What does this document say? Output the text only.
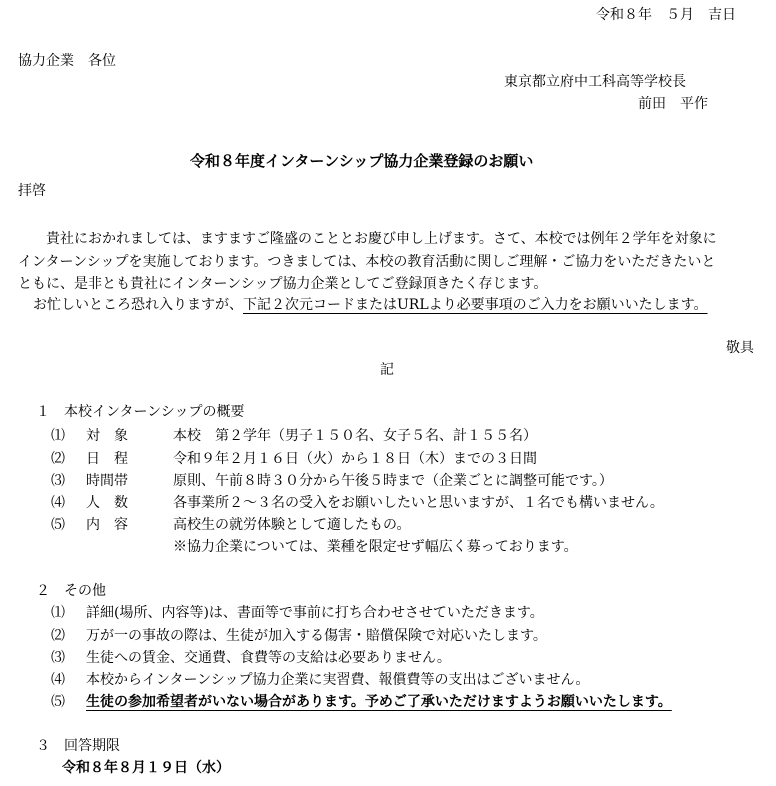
令和８年　５月　吉日
協力企業　各位
東京都立府中工科高等学校長
前田　平作
令和８年度インターンシップ協力企業登録のお願い
拝啓
貴社におかれましては、ますますご隆盛のこととお慶び申し上げます。さて、本校では例年２学年を対象に
インターンシップを実施しております。つきましては、本校の教育活動に関しご理解・ご協力をいただきたいと
ともに、是非とも貴社にインターンシップ協力企業としてご登録頂きたく存じます。
お忙しいところ恐れ入りますが、下記２次元コードまたはURLより必要事項のご入力をお願いいたします。
敬具
記
１　本校インターンシップの概要
⑴ 対　象	本校　第２学年（男子１５０名、女子５名、計１５５名）
⑵ 日　程	令和９年２月１６日（火）から１８日（木）までの３日間
⑶ 時間帯	原則、午前８時３０分から午後５時まで（企業ごとに調整可能です。）
⑷ 人　数	各事業所２～３名の受入をお願いしたいと思いますが、１名でも構いません。
⑸ 内　容	高校生の就労体験として適したもの。
※協力企業については、業種を限定せず幅広く募っております。
２　その他
⑴ 詳細(場所、内容等)は、書面等で事前に打ち合わせさせていただきます。
⑵ 万が一の事故の際は、生徒が加入する傷害・賠償保険で対応いたします。
⑶ 生徒への賃金、交通費、食費等の支給は必要ありません。
⑷ 本校からインターンシップ協力企業に実習費、報償費等の支出はございません。
⑸ 生徒の参加希望者がいない場合があります。予めご了承いただけますようお願いいたします。
３　回答期限
令和８年８月１９日（水）
